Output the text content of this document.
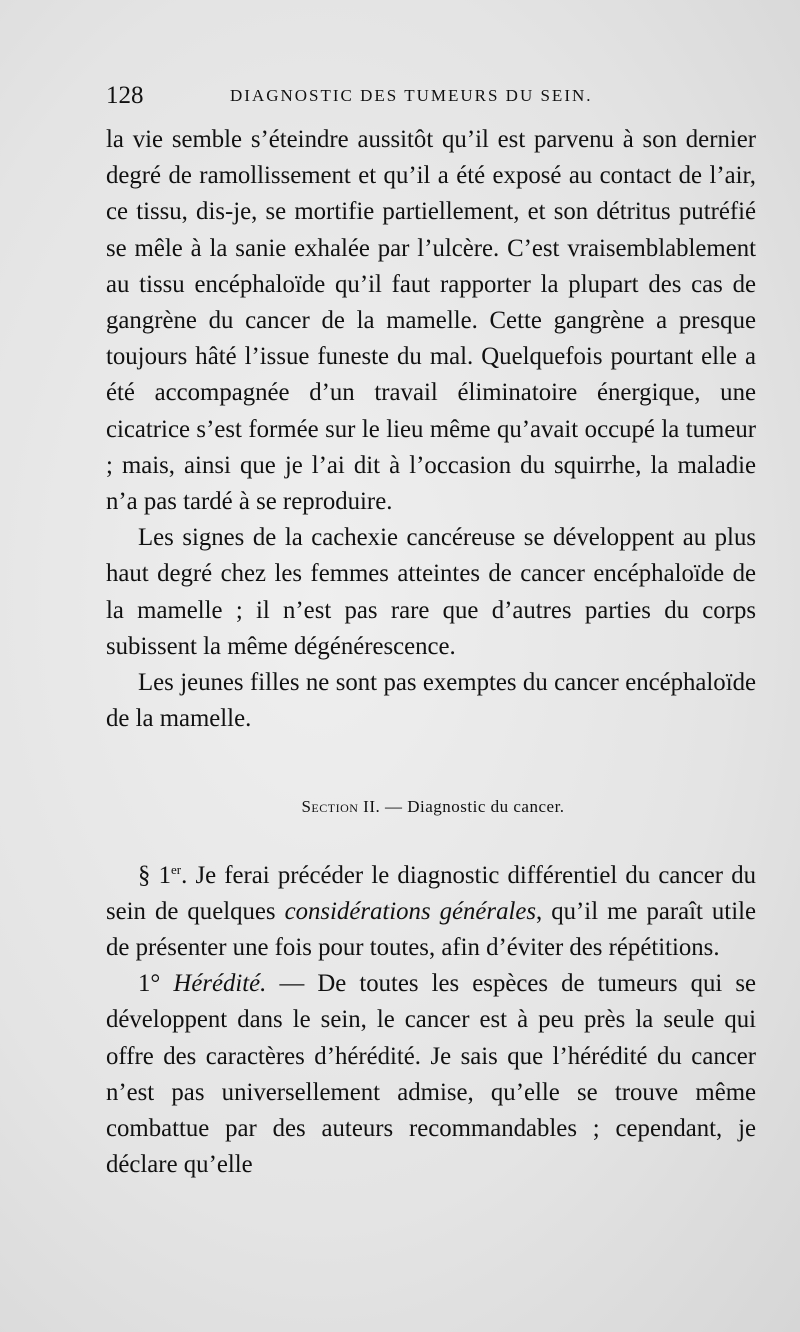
128	DIAGNOSTIC DES TUMEURS DU SEIN.

la vie semble s’éteindre aussitôt qu’il est parvenu à son dernier degré de ramollissement et qu’il a été exposé au contact de l’air, ce tissu, dis-je, se mortifie partiellement, et son détritus putréfié se mêle à la sanie exhalée par l’ulcère. C’est vraisemblablement au tissu encéphaloïde qu’il faut rapporter la plupart des cas de gangrène du cancer de la mamelle. Cette gangrène a presque toujours hâté l’issue funeste du mal. Quelquefois pourtant elle a été accompagnée d’un travail éliminatoire énergique, une cicatrice s’est formée sur le lieu même qu’avait occupé la tumeur ; mais, ainsi que je l’ai dit à l’occasion du squirrhe, la maladie n’a pas tardé à se reproduire.

Les signes de la cachexie cancéreuse se développent au plus haut degré chez les femmes atteintes de cancer encéphaloïde de la mamelle ; il n’est pas rare que d’autres parties du corps subissent la même dégénérescence.

Les jeunes filles ne sont pas exemptes du cancer encéphaloïde de la mamelle.

Section II. — Diagnostic du cancer.

§ 1er. Je ferai précéder le diagnostic différentiel du cancer du sein de quelques considérations générales, qu’il me paraît utile de présenter une fois pour toutes, afin d’éviter des répétitions.

1° Hérédité. — De toutes les espèces de tumeurs qui se développent dans le sein, le cancer est à peu près la seule qui offre des caractères d’hérédité. Je sais que l’hérédité du cancer n’est pas universellement admise, qu’elle se trouve même combattue par des auteurs recommandables ; cependant, je déclare qu’elle
